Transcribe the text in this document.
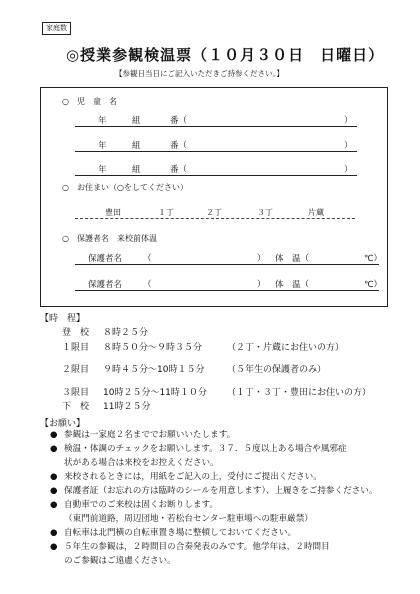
家庭数
◎授業参観検温票（１０月３０日　日曜日）
【参観日当日にご記入いただきご持参ください。】
○　児　童　名
年	組	番（	）
年	組	番（	）
年	組	番（	）
○　お住まい（○をしてください）
豊田	１丁	２丁	３丁	片蔵
○　保護者名　来校前体温
保護者名 （	） 体　温（	℃）
保護者名 （	） 体　温（	℃）
【時　程】
登　校 ８時２５分
１限目 ８時５０分～９時３５分	（２丁・片蔵にお住いの方）
２限目 ９時４５分～10時１５分	（５年生の保護者のみ）
３限目 10時２５分～11時１０分 （１丁・３丁・豊田にお住いの方）
下　校 11時２５分
【お願い】
● 参観は一家庭２名まででお願いいたします。
● 検温・体調のチェックをお願いします。３７．５度以上ある場合や風邪症
状がある場合は来校をお控えください。
● 来校されるときには，用紙をご記入の上，受付にご提出ください。
● 保護者証（お忘れの方は臨時のシールを用意します）、上履きをご持参ください。
● 自動車でのご来校は固くお断りします。
（東門前道路，周辺団地・若松台センター駐車場への駐車厳禁）
● 自転車は北門横の自転車置き場に整頓しておいてください。
● ５年生の参観は，２時間目の合奏発表のみです。他学年は，２時間目
のご参観はご遠慮ください。
